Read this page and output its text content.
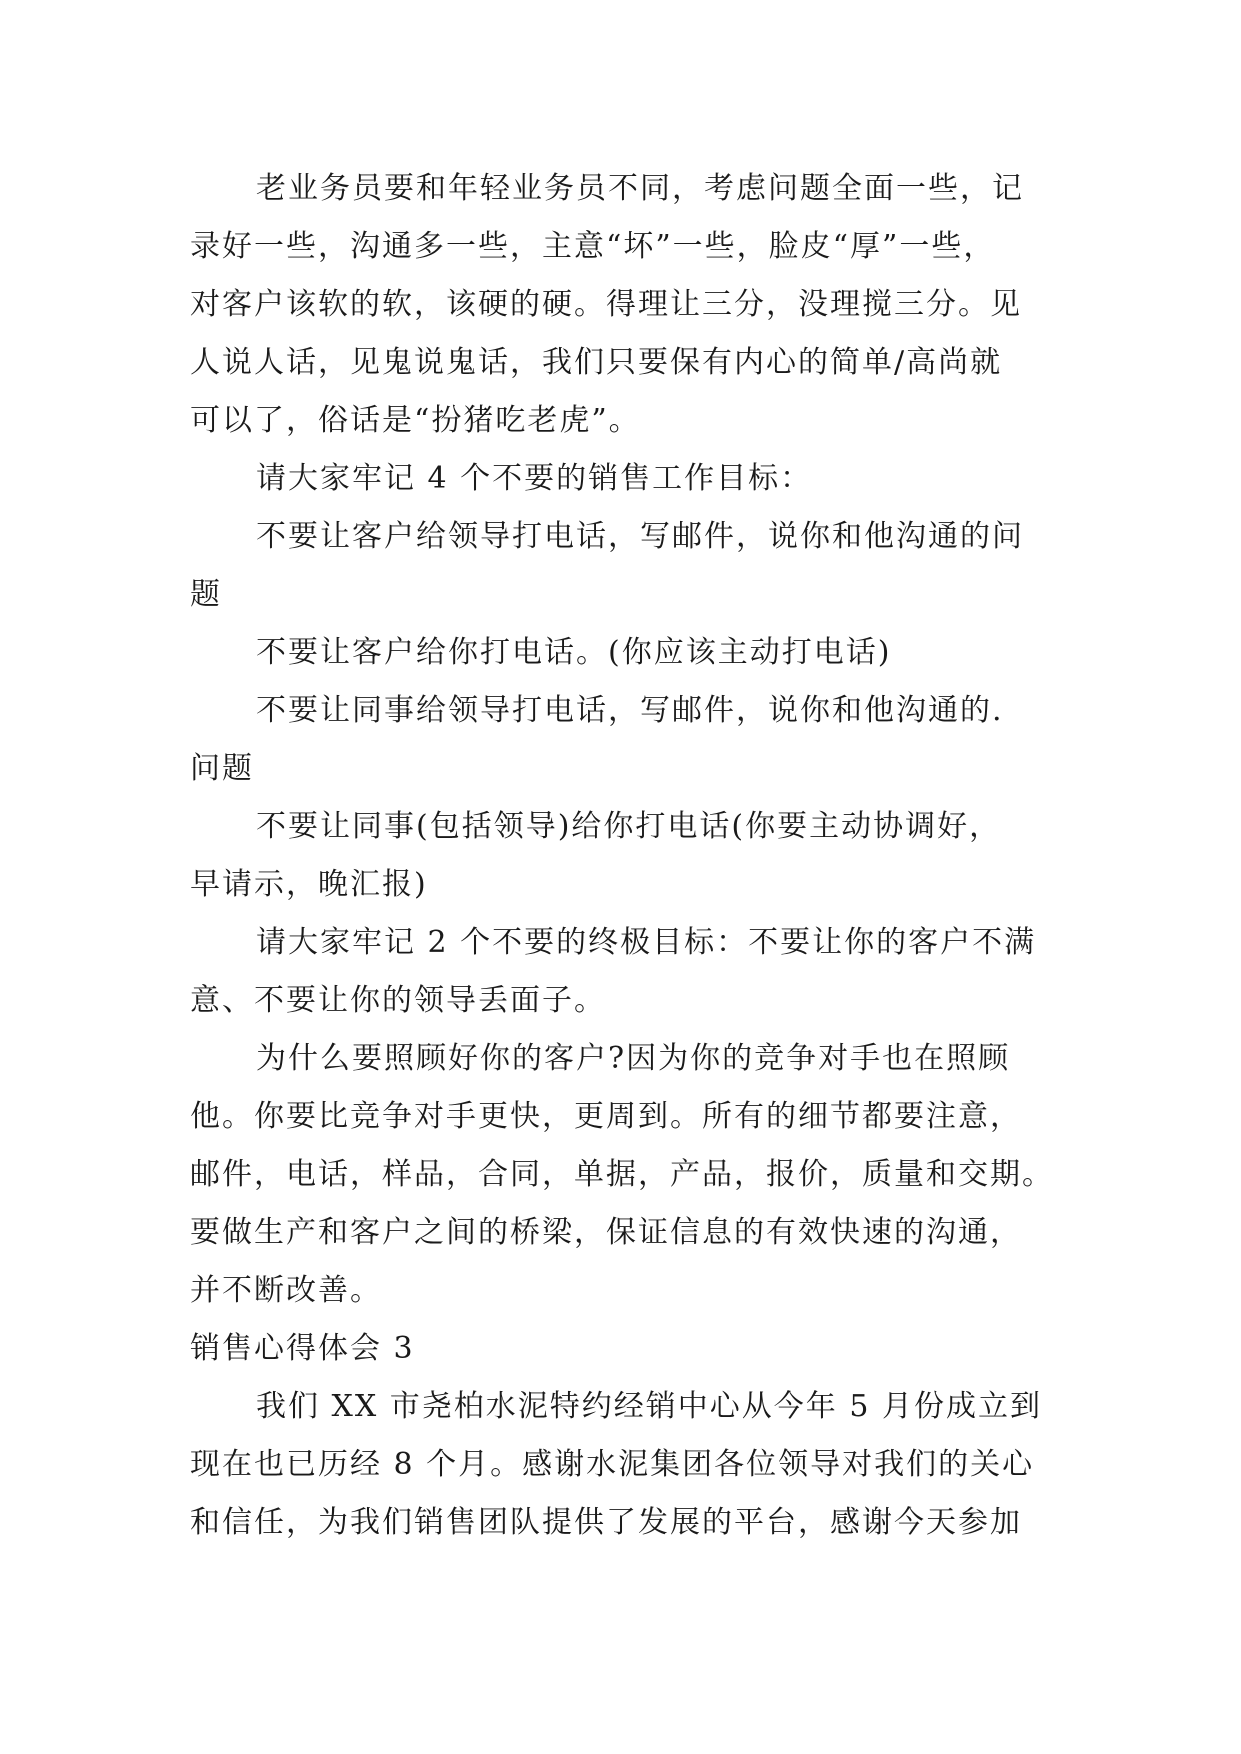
老业务员要和年轻业务员不同，考虑问题全面一些，记
录好一些，沟通多一些，主意“坏”一些，脸皮“厚”一些，
对客户该软的软，该硬的硬。得理让三分，没理搅三分。见
人说人话，见鬼说鬼话，我们只要保有内心的简单/高尚就
可以了，俗话是“扮猪吃老虎”。
请大家牢记 4 个不要的销售工作目标：
不要让客户给领导打电话，写邮件，说你和他沟通的问
题
不要让客户给你打电话。(你应该主动打电话)
不要让同事给领导打电话，写邮件，说你和他沟通的.
问题
不要让同事(包括领导)给你打电话(你要主动协调好，
早请示，晚汇报)
请大家牢记 2 个不要的终极目标：不要让你的客户不满
意、不要让你的领导丢面子。
为什么要照顾好你的客户?因为你的竞争对手也在照顾
他。你要比竞争对手更快，更周到。所有的细节都要注意，
邮件，电话，样品，合同，单据，产品，报价，质量和交期。
要做生产和客户之间的桥梁，保证信息的有效快速的沟通，
并不断改善。
销售心得体会 3
我们 XX 市尧柏水泥特约经销中心从今年 5 月份成立到
现在也已历经 8 个月。感谢水泥集团各位领导对我们的关心
和信任，为我们销售团队提供了发展的平台，感谢今天参加
